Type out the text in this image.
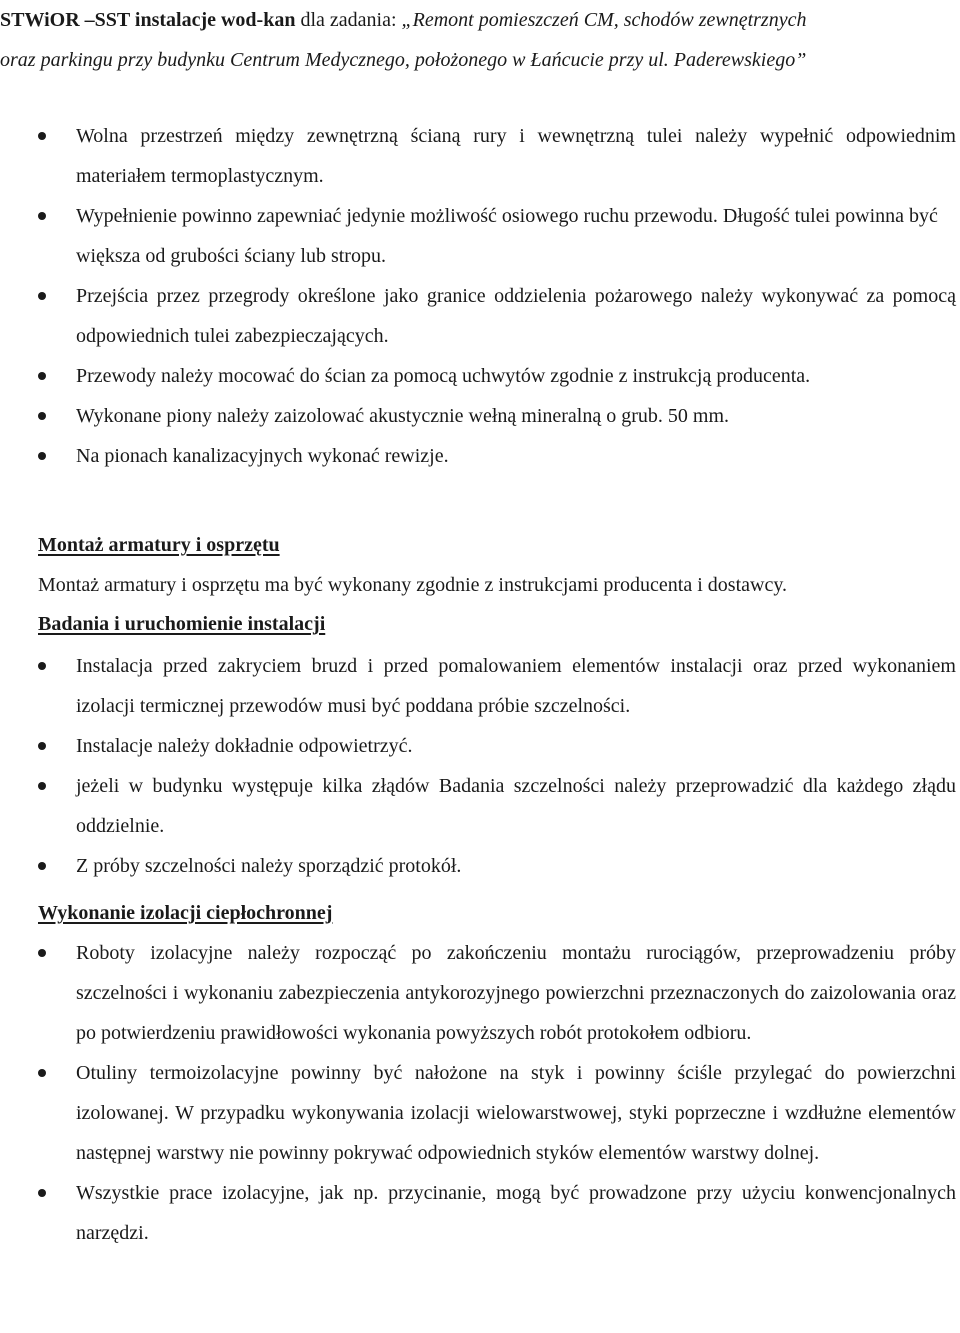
STWiOR –SST instalacje wod-kan dla zadania: „Remont pomieszczeń CM, schodów zewnętrznych
oraz parkingu przy budynku Centrum Medycznego, położonego w Łańcucie przy ul. Paderewskiego”

Wolna przestrzeń między zewnętrzną ścianą rury i wewnętrzną tulei należy wypełnić odpowiednim materiałem termoplastycznym.

Wypełnienie powinno zapewniać jedynie możliwość osiowego ruchu przewodu. Długość tulei powinna być większa od grubości ściany lub stropu.

Przejścia przez przegrody określone jako granice oddzielenia pożarowego należy wykonywać za pomocą odpowiednich tulei zabezpieczających.

Przewody należy mocować do ścian za pomocą uchwytów zgodnie z instrukcją producenta.

Wykonane piony należy zaizolować akustycznie wełną mineralną o grub. 50 mm.

Na pionach kanalizacyjnych wykonać rewizje.

Montaż armatury i osprzętu

Montaż armatury i osprzętu ma być wykonany zgodnie z instrukcjami producenta i dostawcy.

Badania i uruchomienie instalacji

Instalacja przed zakryciem bruzd i przed pomalowaniem elementów instalacji oraz przed wykonaniem izolacji termicznej przewodów musi być poddana próbie szczelności.

Instalacje należy dokładnie odpowietrzyć.

jeżeli w budynku występuje kilka złądów Badania szczelności należy przeprowadzić dla każdego złądu oddzielnie.

Z próby szczelności należy sporządzić protokół.

Wykonanie izolacji ciepłochronnej

Roboty izolacyjne należy rozpocząć po zakończeniu montażu rurociągów, przeprowadzeniu próby szczelności i wykonaniu zabezpieczenia antykorozyjnego powierzchni przeznaczonych do zaizolowania oraz po potwierdzeniu prawidłowości wykonania powyższych robót protokołem odbioru.

Otuliny termoizolacyjne powinny być nałożone na styk i powinny ściśle przylegać do powierzchni izolowanej. W przypadku wykonywania izolacji wielowarstwowej, styki poprzeczne i wzdłużne elementów następnej warstwy nie powinny pokrywać odpowiednich styków elementów warstwy dolnej.

Wszystkie prace izolacyjne, jak np. przycinanie, mogą być prowadzone przy użyciu konwencjonalnych narzędzi.
